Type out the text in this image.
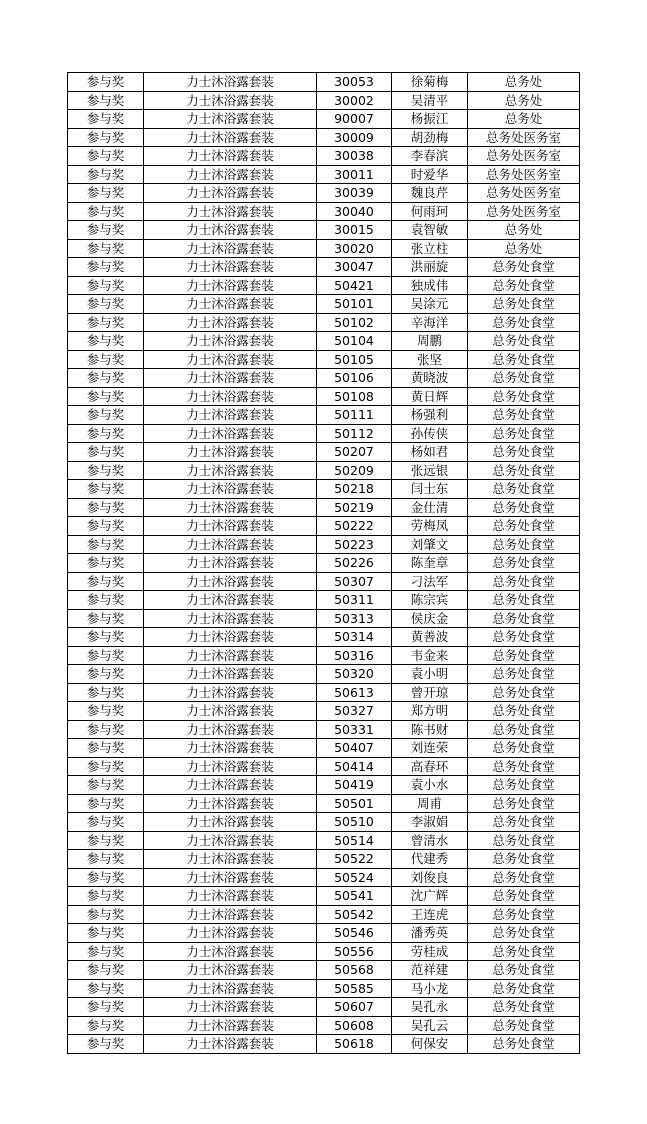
参与奖	力士沐浴露套装	30053	徐菊梅	总务处
参与奖	力士沐浴露套装	30002	吴清平	总务处
参与奖	力士沐浴露套装	90007	杨振江	总务处
参与奖	力士沐浴露套装	30009	胡劲梅	总务处医务室
参与奖	力士沐浴露套装	30038	李春滨	总务处医务室
参与奖	力士沐浴露套装	30011	时爱华	总务处医务室
参与奖	力士沐浴露套装	30039	魏良芹	总务处医务室
参与奖	力士沐浴露套装	30040	何雨珂	总务处医务室
参与奖	力士沐浴露套装	30015	袁智敏	总务处
参与奖	力士沐浴露套装	30020	张立柱	总务处
参与奖	力士沐浴露套装	30047	洪丽旋	总务处食堂
参与奖	力士沐浴露套装	50421	独成伟	总务处食堂
参与奖	力士沐浴露套装	50101	吴涂元	总务处食堂
参与奖	力士沐浴露套装	50102	辛海洋	总务处食堂
参与奖	力士沐浴露套装	50104	周鹏	总务处食堂
参与奖	力士沐浴露套装	50105	张坚	总务处食堂
参与奖	力士沐浴露套装	50106	黄晓波	总务处食堂
参与奖	力士沐浴露套装	50108	黄日辉	总务处食堂
参与奖	力士沐浴露套装	50111	杨强利	总务处食堂
参与奖	力士沐浴露套装	50112	孙传侠	总务处食堂
参与奖	力士沐浴露套装	50207	杨如君	总务处食堂
参与奖	力士沐浴露套装	50209	张远银	总务处食堂
参与奖	力士沐浴露套装	50218	闫士东	总务处食堂
参与奖	力士沐浴露套装	50219	金仕清	总务处食堂
参与奖	力士沐浴露套装	50222	劳梅凤	总务处食堂
参与奖	力士沐浴露套装	50223	刘肇文	总务处食堂
参与奖	力士沐浴露套装	50226	陈奎章	总务处食堂
参与奖	力士沐浴露套装	50307	刁法军	总务处食堂
参与奖	力士沐浴露套装	50311	陈宗宾	总务处食堂
参与奖	力士沐浴露套装	50313	侯庆金	总务处食堂
参与奖	力士沐浴露套装	50314	黄善波	总务处食堂
参与奖	力士沐浴露套装	50316	韦金来	总务处食堂
参与奖	力士沐浴露套装	50320	袁小明	总务处食堂
参与奖	力士沐浴露套装	50613	曾开琼	总务处食堂
参与奖	力士沐浴露套装	50327	郑方明	总务处食堂
参与奖	力士沐浴露套装	50331	陈书财	总务处食堂
参与奖	力士沐浴露套装	50407	刘连荣	总务处食堂
参与奖	力士沐浴露套装	50414	高春环	总务处食堂
参与奖	力士沐浴露套装	50419	袁小水	总务处食堂
参与奖	力士沐浴露套装	50501	周甫	总务处食堂
参与奖	力士沐浴露套装	50510	李淑娟	总务处食堂
参与奖	力士沐浴露套装	50514	曾清水	总务处食堂
参与奖	力士沐浴露套装	50522	代建秀	总务处食堂
参与奖	力士沐浴露套装	50524	刘俊良	总务处食堂
参与奖	力士沐浴露套装	50541	沈广辉	总务处食堂
参与奖	力士沐浴露套装	50542	王连虎	总务处食堂
参与奖	力士沐浴露套装	50546	潘秀英	总务处食堂
参与奖	力士沐浴露套装	50556	劳桂成	总务处食堂
参与奖	力士沐浴露套装	50568	范祥建	总务处食堂
参与奖	力士沐浴露套装	50585	马小龙	总务处食堂
参与奖	力士沐浴露套装	50607	吴孔永	总务处食堂
参与奖	力士沐浴露套装	50608	吴孔云	总务处食堂
参与奖	力士沐浴露套装	50618	何保安	总务处食堂
